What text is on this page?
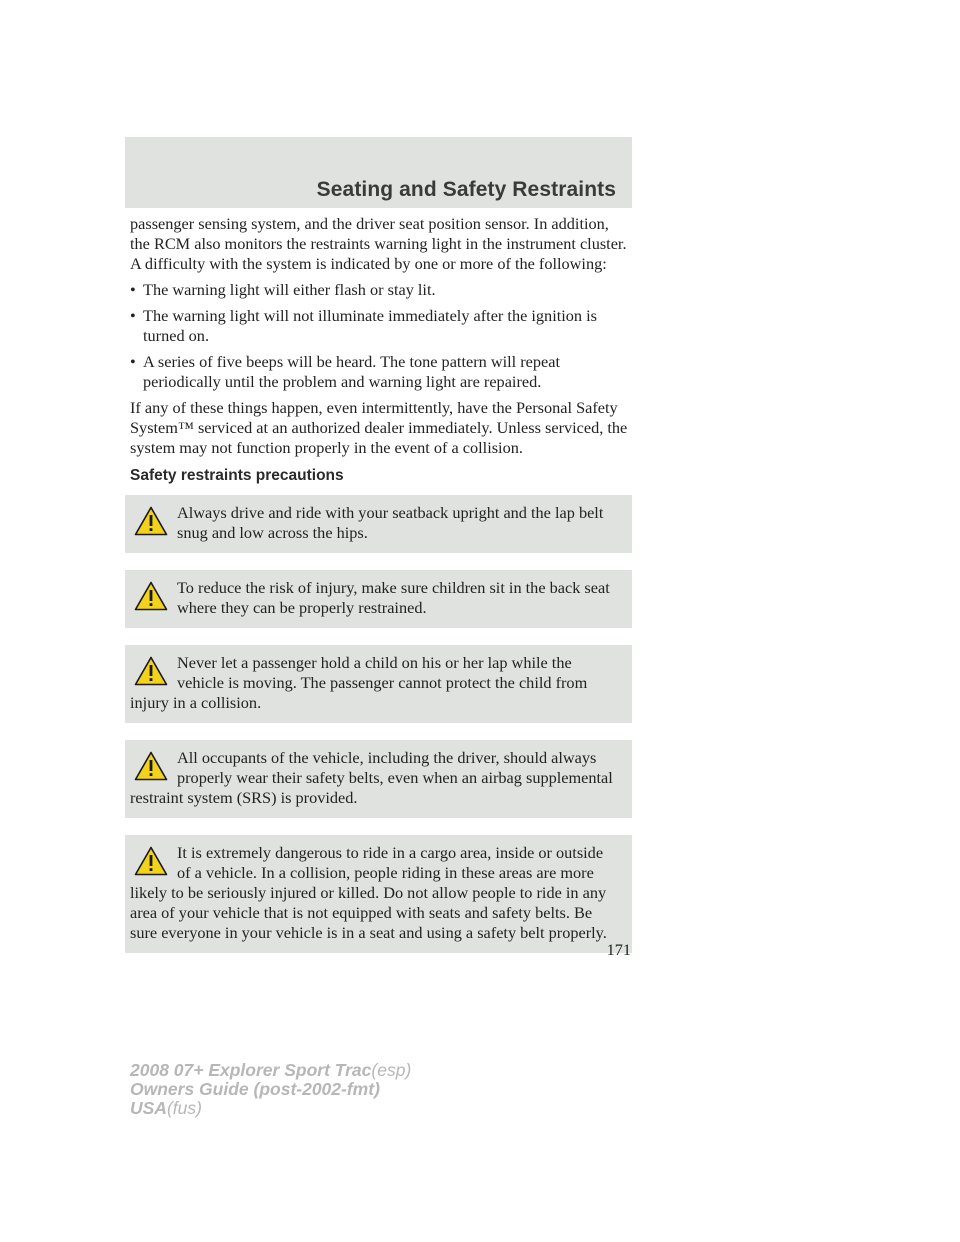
Seating and Safety Restraints

passenger sensing system, and the driver seat position sensor. In addition, the RCM also monitors the restraints warning light in the instrument cluster. A difficulty with the system is indicated by one or more of the following:

• The warning light will either flash or stay lit.
• The warning light will not illuminate immediately after the ignition is turned on.
• A series of five beeps will be heard. The tone pattern will repeat periodically until the problem and warning light are repaired.

If any of these things happen, even intermittently, have the Personal Safety System™ serviced at an authorized dealer immediately. Unless serviced, the system may not function properly in the event of a collision.

Safety restraints precautions

Always drive and ride with your seatback upright and the lap belt snug and low across the hips.
To reduce the risk of injury, make sure children sit in the back seat where they can be properly restrained.
Never let a passenger hold a child on his or her lap while the vehicle is moving. The passenger cannot protect the child from injury in a collision.
All occupants of the vehicle, including the driver, should always properly wear their safety belts, even when an airbag supplemental restraint system (SRS) is provided.
It is extremely dangerous to ride in a cargo area, inside or outside of a vehicle. In a collision, people riding in these areas are more likely to be seriously injured or killed. Do not allow people to ride in any area of your vehicle that is not equipped with seats and safety belts. Be sure everyone in your vehicle is in a seat and using a safety belt properly.
171
2008 07+ Explorer Sport Trac(esp)
Owners Guide (post-2002-fmt)
USA(fus)
